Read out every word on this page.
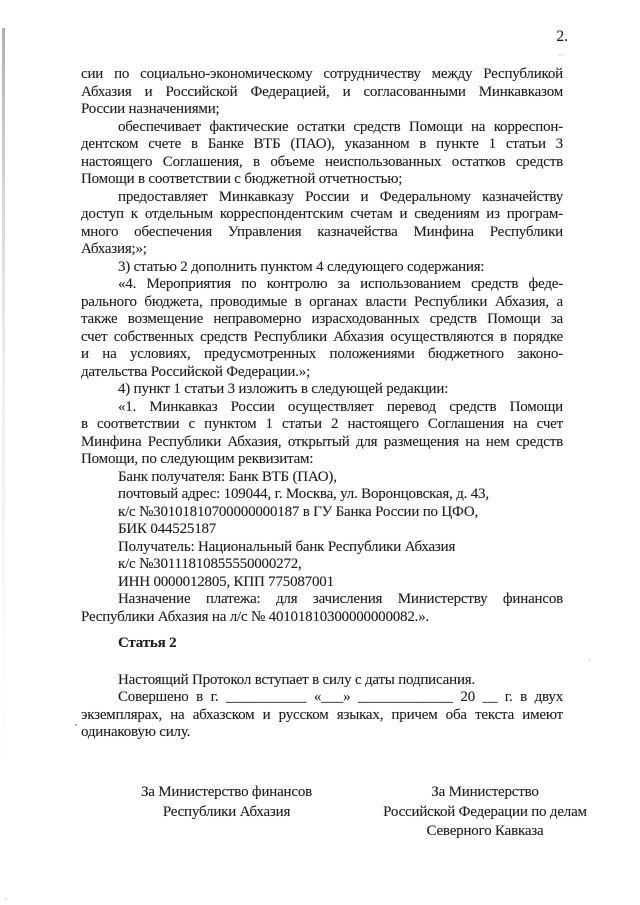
2.
сии по социально-экономическому сотрудничеству между Республикой
Абхазия и Российской Федерацией, и согласованными Минкавказом
России назначениями;
обеспечивает фактические остатки средств Помощи на корреспон-
дентском счете в Банке ВТБ (ПАО), указанном в пункте 1 статьи 3
настоящего Соглашения, в объеме неиспользованных остатков средств
Помощи в соответствии с бюджетной отчетностью;
предоставляет Минкавказу России и Федеральному казначейству
доступ к отдельным корреспондентским счетам и сведениям из програм-
много обеспечения Управления казначейства Минфина Республики
Абхазия;»;
3) статью 2 дополнить пунктом 4 следующего содержания:
«4. Мероприятия по контролю за использованием средств феде-
рального бюджета, проводимые в органах власти Республики Абхазия, а
также возмещение неправомерно израсходованных средств Помощи за
счет собственных средств Республики Абхазия осуществляются в порядке
и на условиях, предусмотренных положениями бюджетного законо-
дательства Российской Федерации.»;
4) пункт 1 статьи 3 изложить в следующей редакции:
«1. Минкавказ России осуществляет перевод средств Помощи
в соответствии с пунктом 1 статьи 2 настоящего Соглашения на счет
Минфина Республики Абхазия, открытый для размещения на нем средств
Помощи, по следующим реквизитам:
Банк получателя: Банк ВТБ (ПАО),
почтовый адрес: 109044, г. Москва, ул. Воронцовская, д. 43,
к/с №30101810700000000187 в ГУ Банка России по ЦФО,
БИК 044525187
Получатель: Национальный банк Республики Абхазия
к/с №30111810855550000272,
ИНН 0000012805, КПП 775087001
Назначение платежа: для зачисления Министерству финансов
Республики Абхазия на л/с № 40101810300000000082.».
Статья 2
Настоящий Протокол вступает в силу с даты подписания.
Совершено в г. ___________ «___» _____________ 20 __ г. в двух
экземплярах, на абхазском и русском языках, причем оба текста имеют
одинаковую силу.
За Министерство финансов
Республики Абхазия
За Министерство
Российской Федерации по делам
Северного Кавказа
